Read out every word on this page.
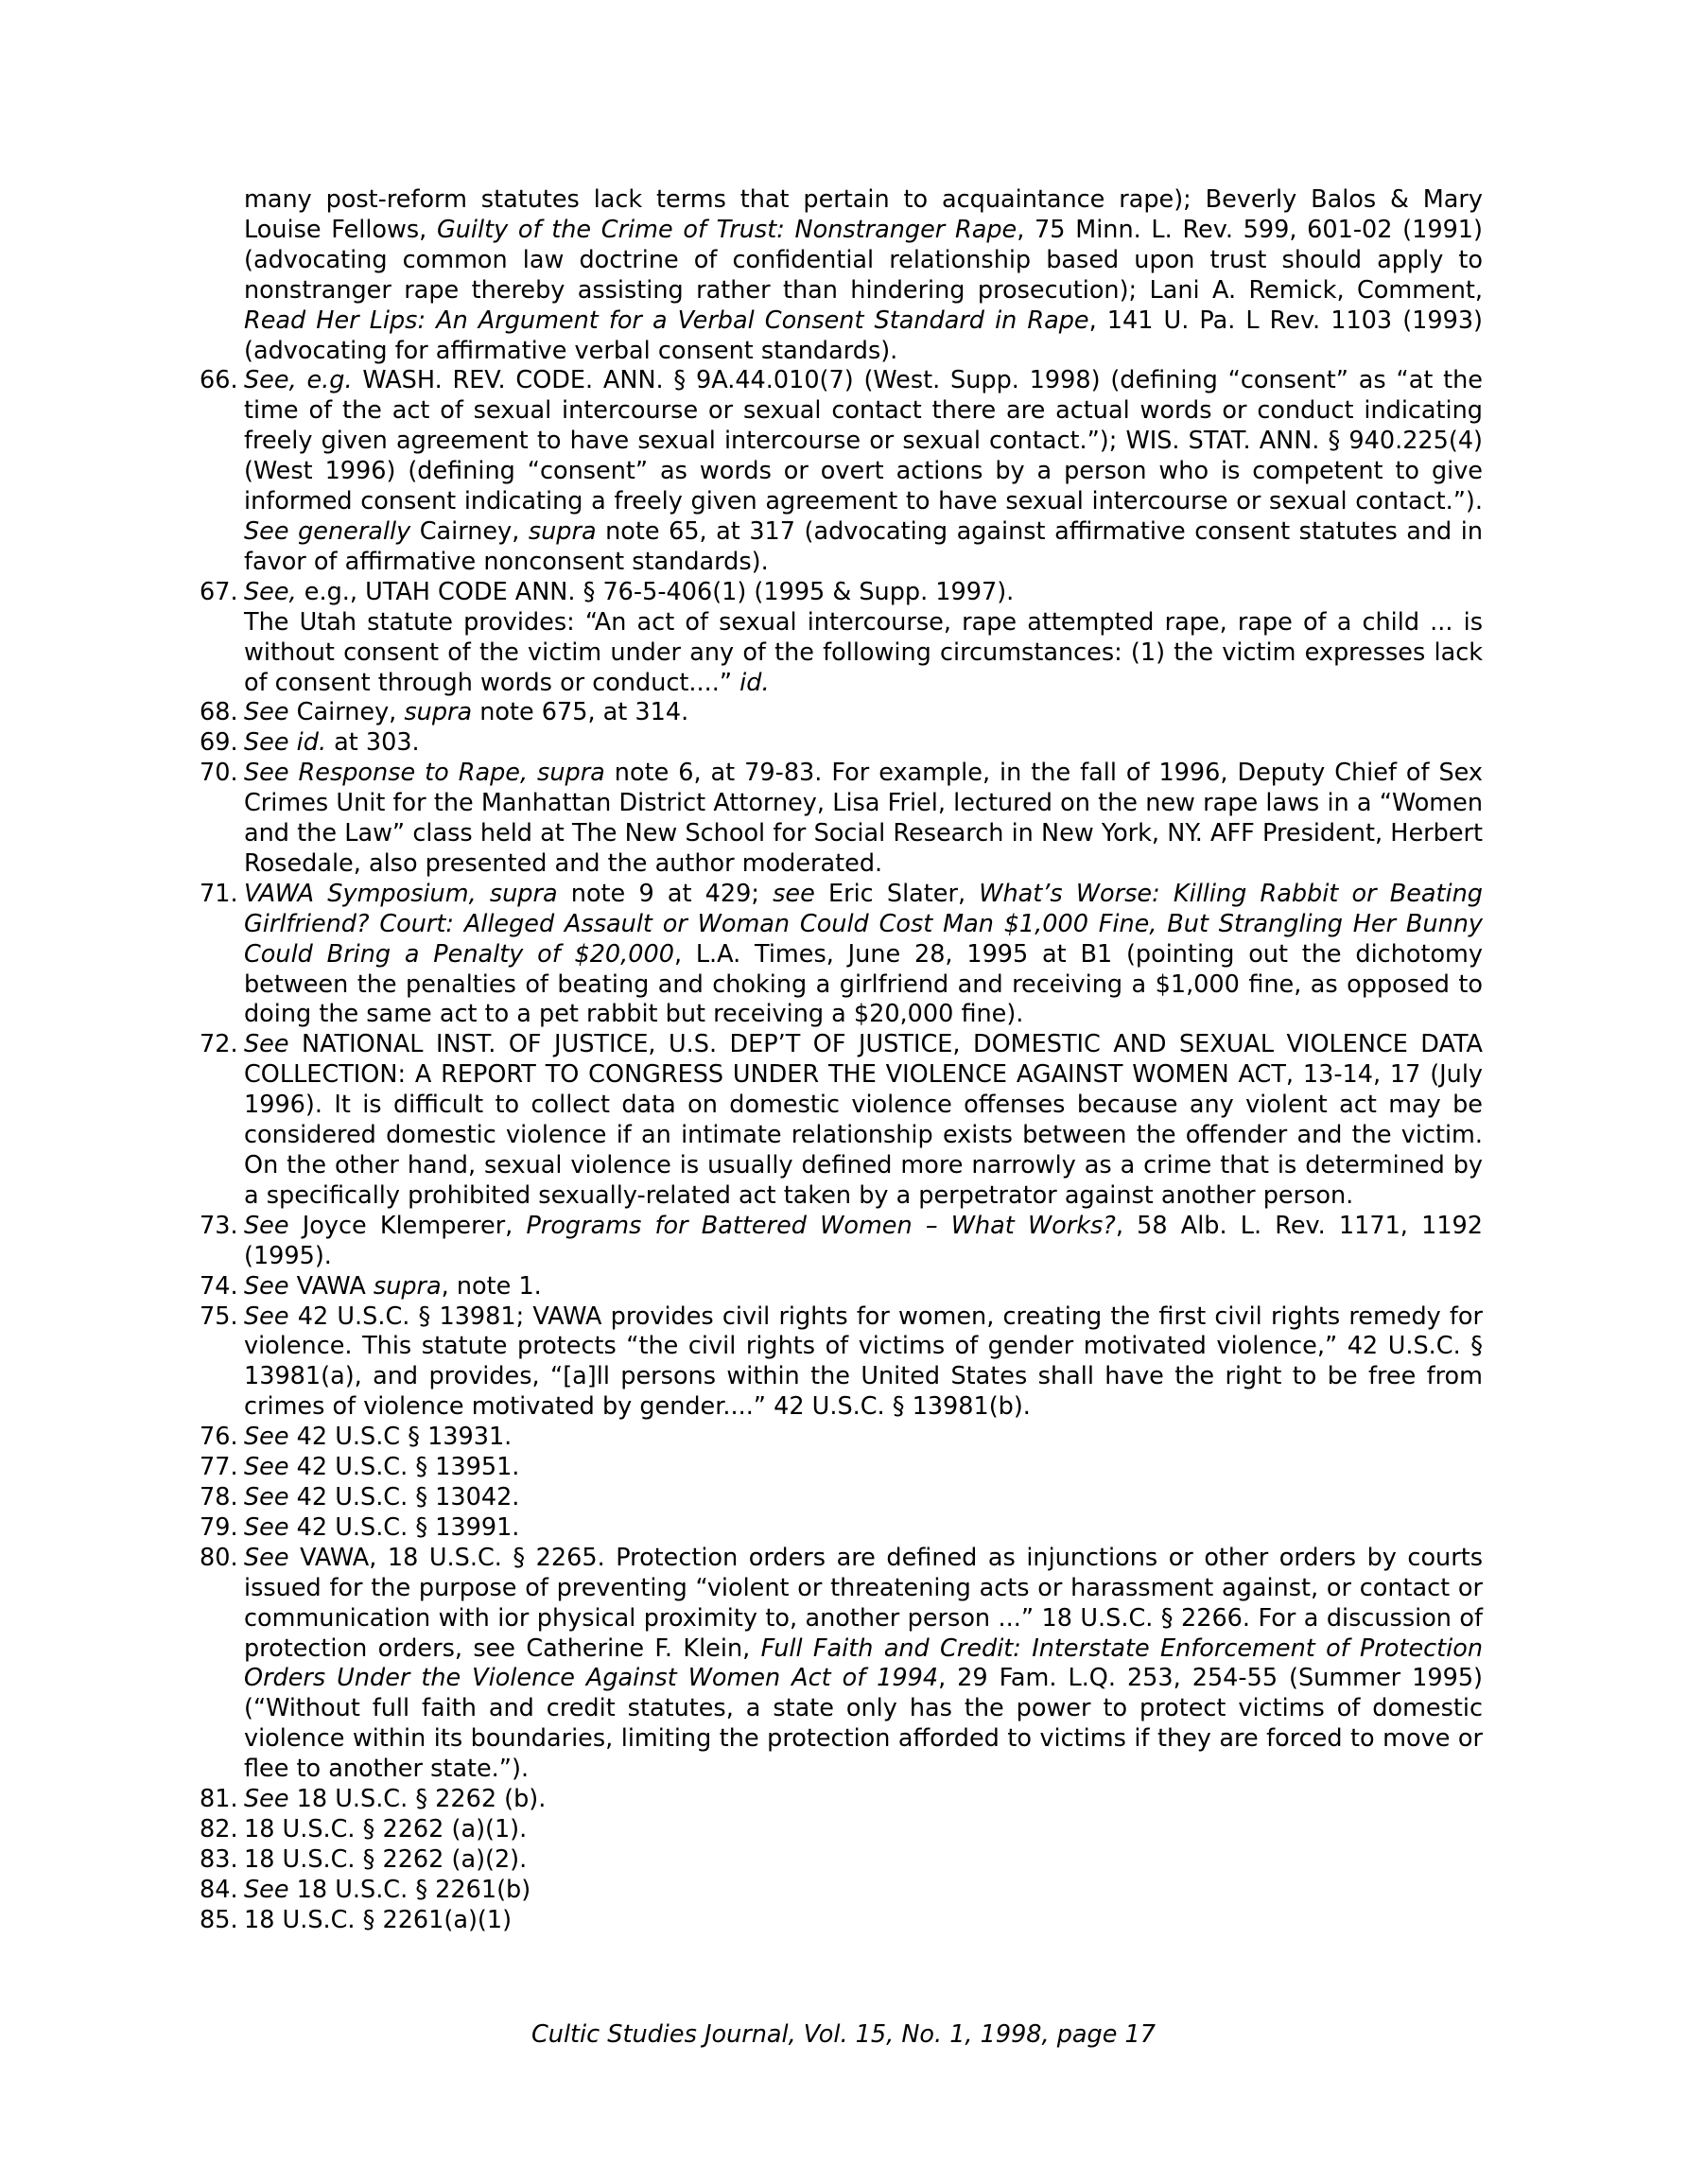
many post-reform statutes lack terms that pertain to acquaintance rape); Beverly Balos & Mary Louise Fellows, Guilty of the Crime of Trust: Nonstranger Rape, 75 Minn. L. Rev. 599, 601-02 (1991) (advocating common law doctrine of confidential relationship based upon trust should apply to nonstranger rape thereby assisting rather than hindering prosecution); Lani A. Remick, Comment, Read Her Lips: An Argument for a Verbal Consent Standard in Rape, 141 U. Pa. L Rev. 1103 (1993) (advocating for affirmative verbal consent standards).
66. See, e.g. WASH. REV. CODE. ANN. § 9A.44.010(7) (West. Supp. 1998) (defining “consent” as “at the time of the act of sexual intercourse or sexual contact there are actual words or conduct indicating freely given agreement to have sexual intercourse or sexual contact.”); WIS. STAT. ANN. § 940.225(4) (West 1996) (defining “consent” as words or overt actions by a person who is competent to give informed consent indicating a freely given agreement to have sexual intercourse or sexual contact.”). See generally Cairney, supra note 65, at 317 (advocating against affirmative consent statutes and in favor of affirmative nonconsent standards).
67. See, e.g., UTAH CODE ANN. § 76-5-406(1) (1995 & Supp. 1997).
The Utah statute provides: “An act of sexual intercourse, rape attempted rape, rape of a child ... is without consent of the victim under any of the following circumstances: (1) the victim expresses lack of consent through words or conduct....” id.
68. See Cairney, supra note 675, at 314.
69. See id. at 303.
70. See Response to Rape, supra note 6, at 79-83. For example, in the fall of 1996, Deputy Chief of Sex Crimes Unit for the Manhattan District Attorney, Lisa Friel, lectured on the new rape laws in a “Women and the Law” class held at The New School for Social Research in New York, NY. AFF President, Herbert Rosedale, also presented and the author moderated.
71. VAWA Symposium, supra note 9 at 429; see Eric Slater, What’s Worse: Killing Rabbit or Beating Girlfriend? Court: Alleged Assault or Woman Could Cost Man $1,000 Fine, But Strangling Her Bunny Could Bring a Penalty of $20,000, L.A. Times, June 28, 1995 at B1 (pointing out the dichotomy between the penalties of beating and choking a girlfriend and receiving a $1,000 fine, as opposed to doing the same act to a pet rabbit but receiving a $20,000 fine).
72. See NATIONAL INST. OF JUSTICE, U.S. DEP’T OF JUSTICE, DOMESTIC AND SEXUAL VIOLENCE DATA COLLECTION: A REPORT TO CONGRESS UNDER THE VIOLENCE AGAINST WOMEN ACT, 13-14, 17 (July 1996). It is difficult to collect data on domestic violence offenses because any violent act may be considered domestic violence if an intimate relationship exists between the offender and the victim. On the other hand, sexual violence is usually defined more narrowly as a crime that is determined by a specifically prohibited sexually-related act taken by a perpetrator against another person.
73. See Joyce Klemperer, Programs for Battered Women – What Works?, 58 Alb. L. Rev. 1171, 1192 (1995).
74. See VAWA supra, note 1.
75. See 42 U.S.C. § 13981; VAWA provides civil rights for women, creating the first civil rights remedy for violence. This statute protects “the civil rights of victims of gender motivated violence,” 42 U.S.C. § 13981(a), and provides, “[a]ll persons within the United States shall have the right to be free from crimes of violence motivated by gender....” 42 U.S.C. § 13981(b).
76. See 42 U.S.C § 13931.
77. See 42 U.S.C. § 13951.
78. See 42 U.S.C. § 13042.
79. See 42 U.S.C. § 13991.
80. See VAWA, 18 U.S.C. § 2265. Protection orders are defined as injunctions or other orders by courts issued for the purpose of preventing “violent or threatening acts or harassment against, or contact or communication with ior physical proximity to, another person ...” 18 U.S.C. § 2266. For a discussion of protection orders, see Catherine F. Klein, Full Faith and Credit: Interstate Enforcement of Protection Orders Under the Violence Against Women Act of 1994, 29 Fam. L.Q. 253, 254-55 (Summer 1995) (“Without full faith and credit statutes, a state only has the power to protect victims of domestic violence within its boundaries, limiting the protection afforded to victims if they are forced to move or flee to another state.”).
81. See 18 U.S.C. § 2262 (b).
82. 18 U.S.C. § 2262 (a)(1).
83. 18 U.S.C. § 2262 (a)(2).
84. See 18 U.S.C. § 2261(b)
85. 18 U.S.C. § 2261(a)(1)
Cultic Studies Journal, Vol. 15, No. 1, 1998, page 17
